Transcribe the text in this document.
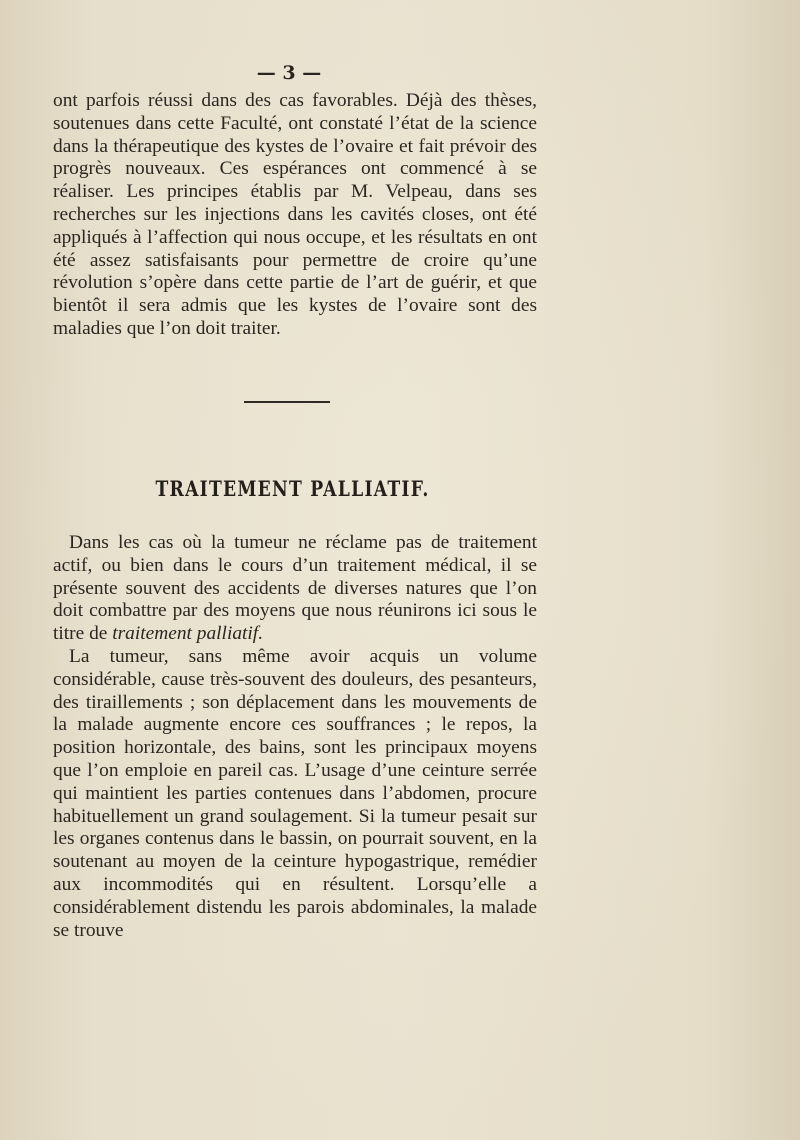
— 3 —

ont parfois réussi dans des cas favorables. Déjà des thèses, soutenues dans cette Faculté, ont constaté l’état de la science dans la thérapeutique des kystes de l’ovaire et fait prévoir des progrès nouveaux. Ces espérances ont commencé à se réaliser. Les principes établis par M. Velpeau, dans ses recherches sur les injections dans les cavités closes, ont été appliqués à l’affection qui nous occupe, et les résultats en ont été assez satisfaisants pour permettre de croire qu’une révolution s’opère dans cette partie de l’art de guérir, et que bientôt il sera admis que les kystes de l’ovaire sont des maladies que l’on doit traiter.

TRAITEMENT PALLIATIF.

Dans les cas où la tumeur ne réclame pas de traitement actif, ou bien dans le cours d’un traitement médical, il se présente souvent des accidents de diverses natures que l’on doit combattre par des moyens que nous réunirons ici sous le titre de traitement palliatif.

La tumeur, sans même avoir acquis un volume considérable, cause très-souvent des douleurs, des pesanteurs, des tiraillements ; son déplacement dans les mouvements de la malade augmente encore ces souffrances ; le repos, la position horizontale, des bains, sont les principaux moyens que l’on emploie en pareil cas. L’usage d’une ceinture serrée qui maintient les parties contenues dans l’abdomen, procure habituellement un grand soulagement. Si la tumeur pesait sur les organes contenus dans le bassin, on pourrait souvent, en la soutenant au moyen de la ceinture hypogastrique, remédier aux incommodités qui en résultent. Lorsqu’elle a considérablement distendu les parois abdominales, la malade se trouve
